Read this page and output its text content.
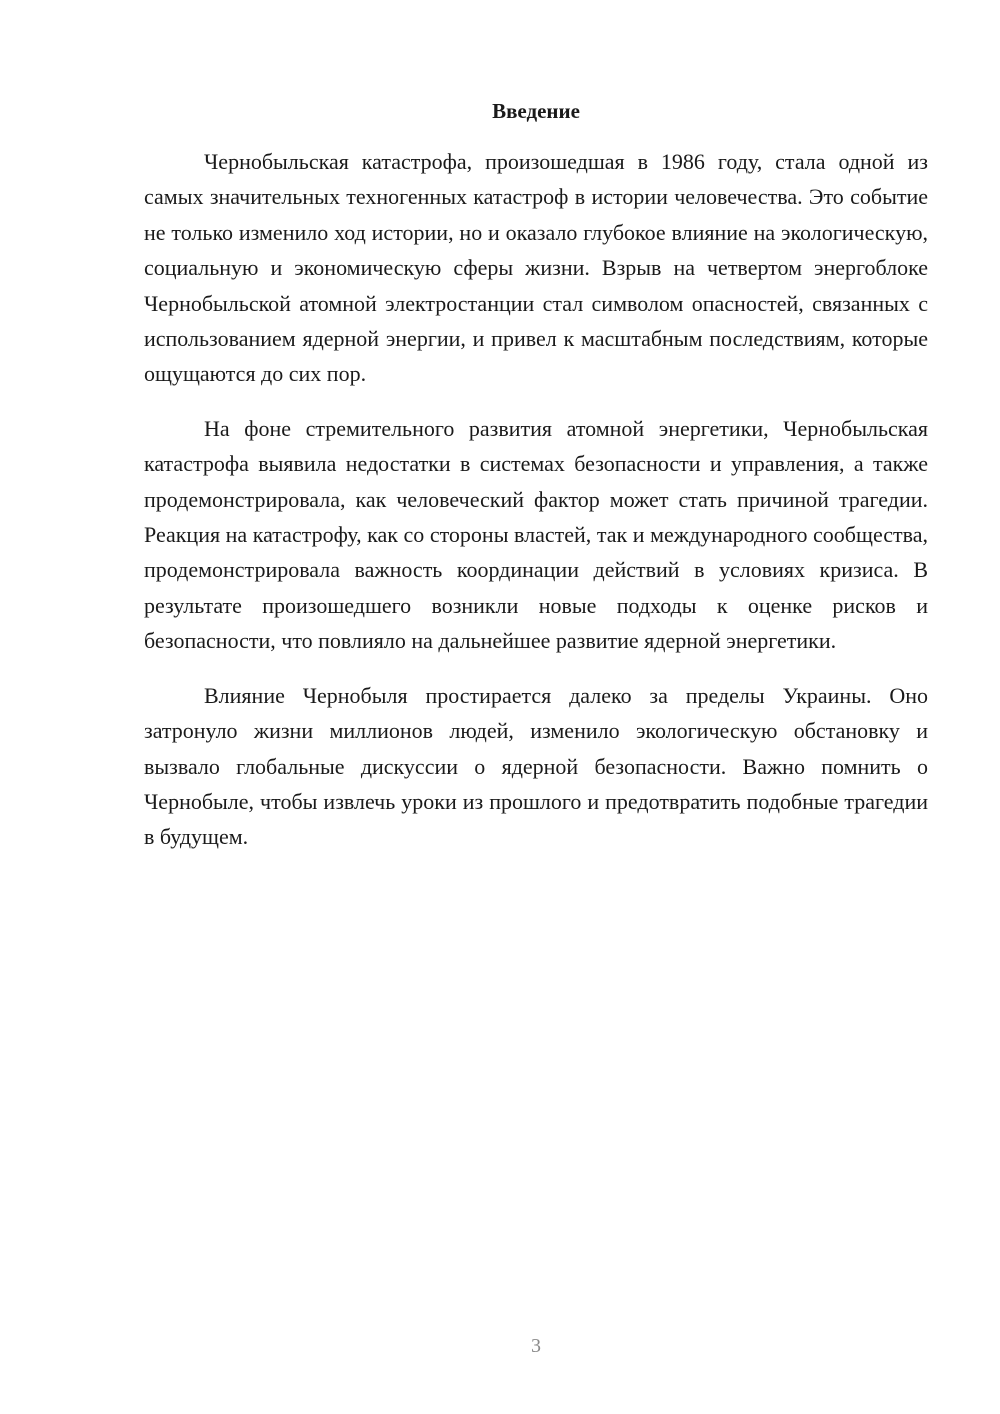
Введение

Чернобыльская катастрофа, произошедшая в 1986 году, стала одной из самых значительных техногенных катастроф в истории человечества. Это событие не только изменило ход истории, но и оказало глубокое влияние на экологическую, социальную и экономическую сферы жизни. Взрыв на четвертом энергоблоке Чернобыльской атомной электростанции стал символом опасностей, связанных с использованием ядерной энергии, и привел к масштабным последствиям, которые ощущаются до сих пор.

На фоне стремительного развития атомной энергетики, Чернобыльская катастрофа выявила недостатки в системах безопасности и управления, а также продемонстрировала, как человеческий фактор может стать причиной трагедии. Реакция на катастрофу, как со стороны властей, так и международного сообщества, продемонстрировала важность координации действий в условиях кризиса. В результате произошедшего возникли новые подходы к оценке рисков и безопасности, что повлияло на дальнейшее развитие ядерной энергетики.

Влияние Чернобыля простирается далеко за пределы Украины. Оно затронуло жизни миллионов людей, изменило экологическую обстановку и вызвало глобальные дискуссии о ядерной безопасности. Важно помнить о Чернобыле, чтобы извлечь уроки из прошлого и предотвратить подобные трагедии в будущем.

3
